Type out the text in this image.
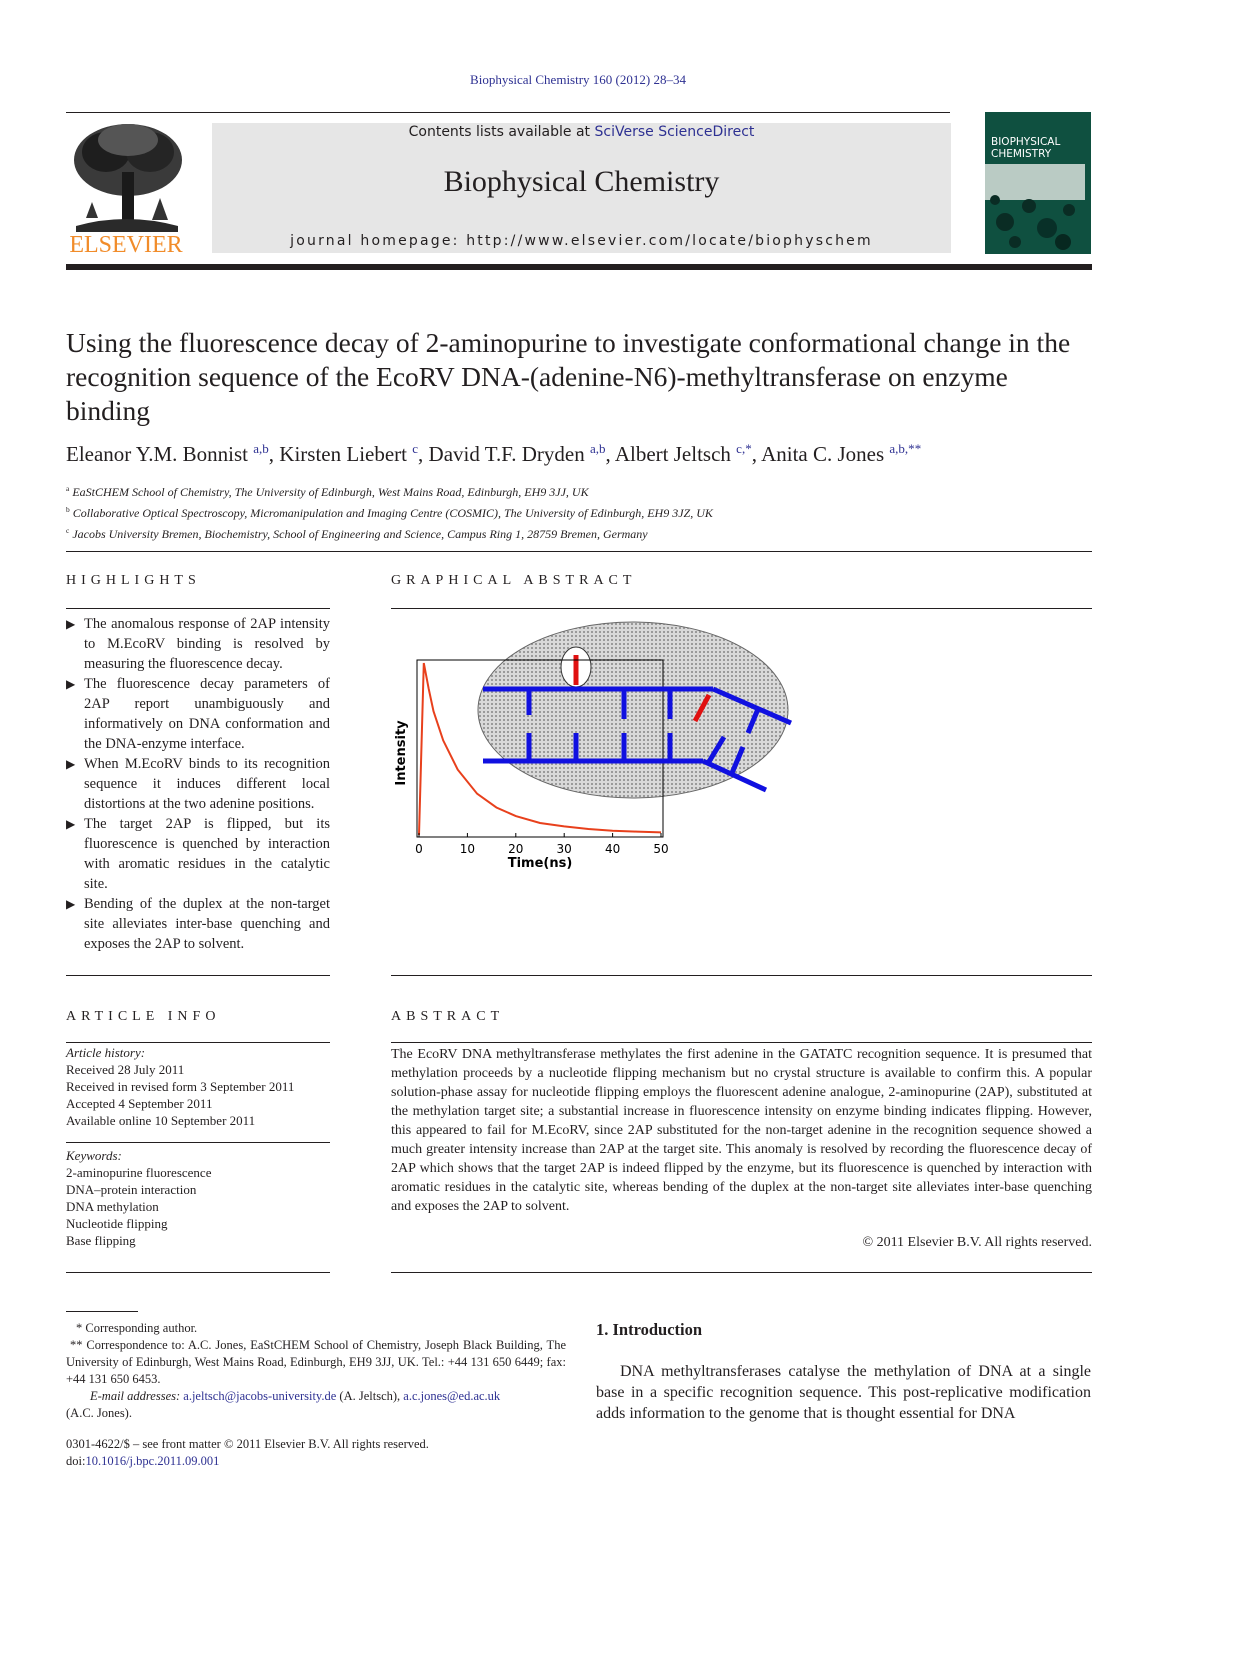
Biophysical Chemistry 160 (2012) 28–34
ELSEVIER
Contents lists available at SciVerse ScienceDirect
Biophysical Chemistry
journal homepage: http://www.elsevier.com/locate/biophyschem
BIOPHYSICAL CHEMISTRY
Using the fluorescence decay of 2-aminopurine to investigate conformational change in the recognition sequence of the EcoRV DNA-(adenine-N6)-methyltransferase on enzyme binding
Eleanor Y.M. Bonnist $^{a,b}$, Kirsten Liebert $^c$, David T.F. Dryden $^{a,b}$, Albert Jeltsch $^{c,*}$, Anita C. Jones $^{a,b,**}$
$^a$ EaStCHEM School of Chemistry, The University of Edinburgh, West Mains Road, Edinburgh, EH9 3JJ, UK
$^b$ Collaborative Optical Spectroscopy, Micromanipulation and Imaging Centre (COSMIC), The University of Edinburgh, EH9 3JZ, UK
$^c$ Jacobs University Bremen, Biochemistry, School of Engineering and Science, Campus Ring 1, 28759 Bremen, Germany
HIGHLIGHTS
▶ The anomalous response of 2AP intensity to M.EcoRV binding is resolved by measuring the fluorescence decay.
▶ The fluorescence decay parameters of 2AP report unambiguously and informatively on DNA conformation and the DNA-enzyme interface.
▶ When M.EcoRV binds to its recognition sequence it induces different local distortions at the two adenine positions.
▶ The target 2AP is flipped, but its fluorescence is quenched by interaction with aromatic residues in the catalytic site.
▶ Bending of the duplex at the non-target site alleviates inter-base quenching and exposes the 2AP to solvent.
GRAPHICAL ABSTRACT
Intensity
Time(ns)
0	10	20	30	40	50
ARTICLE INFO
Article history:
Received 28 July 2011
Received in revised form 3 September 2011
Accepted 4 September 2011
Available online 10 September 2011
Keywords:
2-aminopurine fluorescence
DNA–protein interaction
DNA methylation
Nucleotide flipping
Base flipping
ABSTRACT
The EcoRV DNA methyltransferase methylates the first adenine in the GATATC recognition sequence. It is presumed that methylation proceeds by a nucleotide flipping mechanism but no crystal structure is available to confirm this. A popular solution-phase assay for nucleotide flipping employs the fluorescent adenine analogue, 2-aminopurine (2AP), substituted at the methylation target site; a substantial increase in fluorescence intensity on enzyme binding indicates flipping. However, this appeared to fail for M.EcoRV, since 2AP substituted for the non-target adenine in the recognition sequence showed a much greater intensity increase than 2AP at the target site. This anomaly is resolved by recording the fluorescence decay of 2AP which shows that the target 2AP is indeed flipped by the enzyme, but its fluorescence is quenched by interaction with aromatic residues in the catalytic site, whereas bending of the duplex at the non-target site alleviates inter-base quenching and exposes the 2AP to solvent.
© 2011 Elsevier B.V. All rights reserved.
* Corresponding author.
** Correspondence to: A.C. Jones, EaStCHEM School of Chemistry, Joseph Black Building, The University of Edinburgh, West Mains Road, Edinburgh, EH9 3JJ, UK. Tel.: +44 131 650 6449; fax: +44 131 650 6453.
E-mail addresses: a.jeltsch@jacobs-university.de (A. Jeltsch), a.c.jones@ed.ac.uk
(A.C. Jones).
0301-4622/$ – see front matter © 2011 Elsevier B.V. All rights reserved.
doi:10.1016/j.bpc.2011.09.001
1. Introduction
DNA methyltransferases catalyse the methylation of DNA at a single base in a specific recognition sequence. This post-replicative modification adds information to the genome that is thought essential for DNA
